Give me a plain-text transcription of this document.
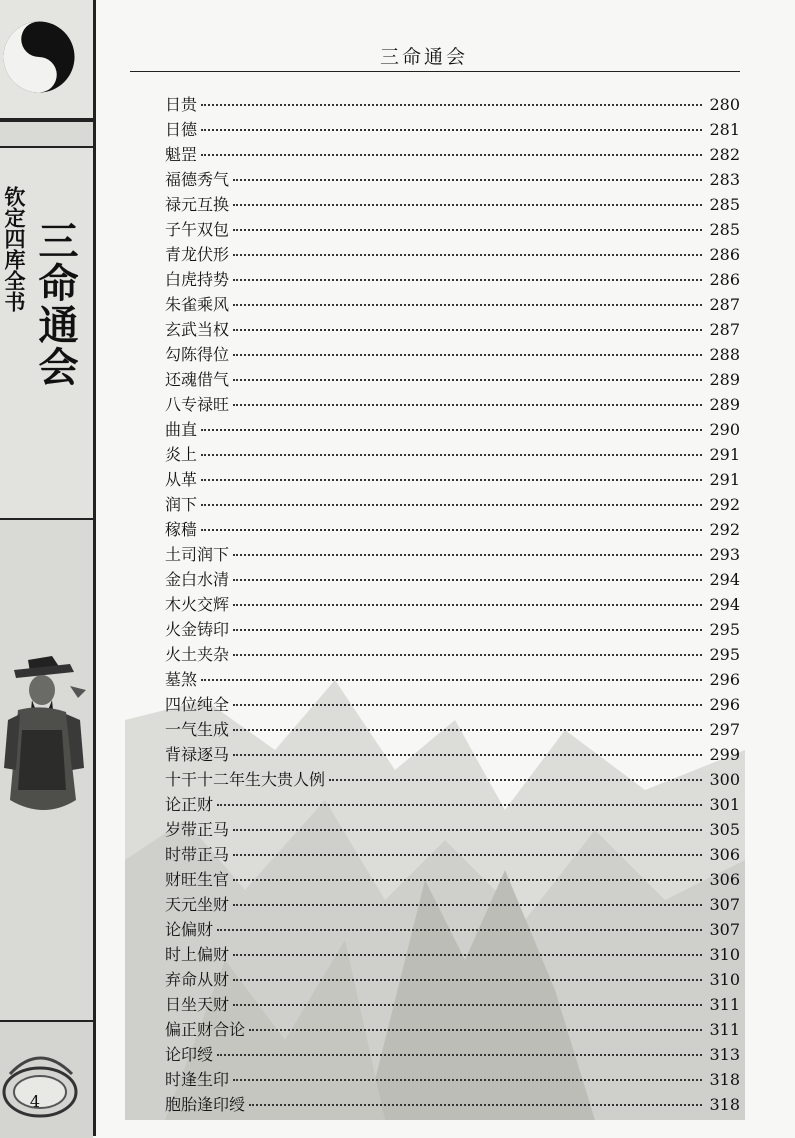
钦定四库全书 三命通会
4
三命通会
日贵	280
日德	281
魁罡	282
福德秀气	283
禄元互换	285
子午双包	285
青龙伏形	286
白虎持势	286
朱雀乘风	287
玄武当权	287
勾陈得位	288
还魂借气	289
八专禄旺	289
曲直	290
炎上	291
从革	291
润下	292
稼穑	292
土司润下	293
金白水清	294
木火交辉	294
火金铸印	295
火土夹杂	295
墓煞	296
四位纯全	296
一气生成	297
背禄逐马	299
十干十二年生大贵人例	300
论正财	301
岁带正马	305
时带正马	306
财旺生官	306
天元坐财	307
论偏财	307
时上偏财	310
弃命从财	310
日坐天财	311
偏正财合论	311
论印绶	313
时逢生印	318
胞胎逢印绶	318
